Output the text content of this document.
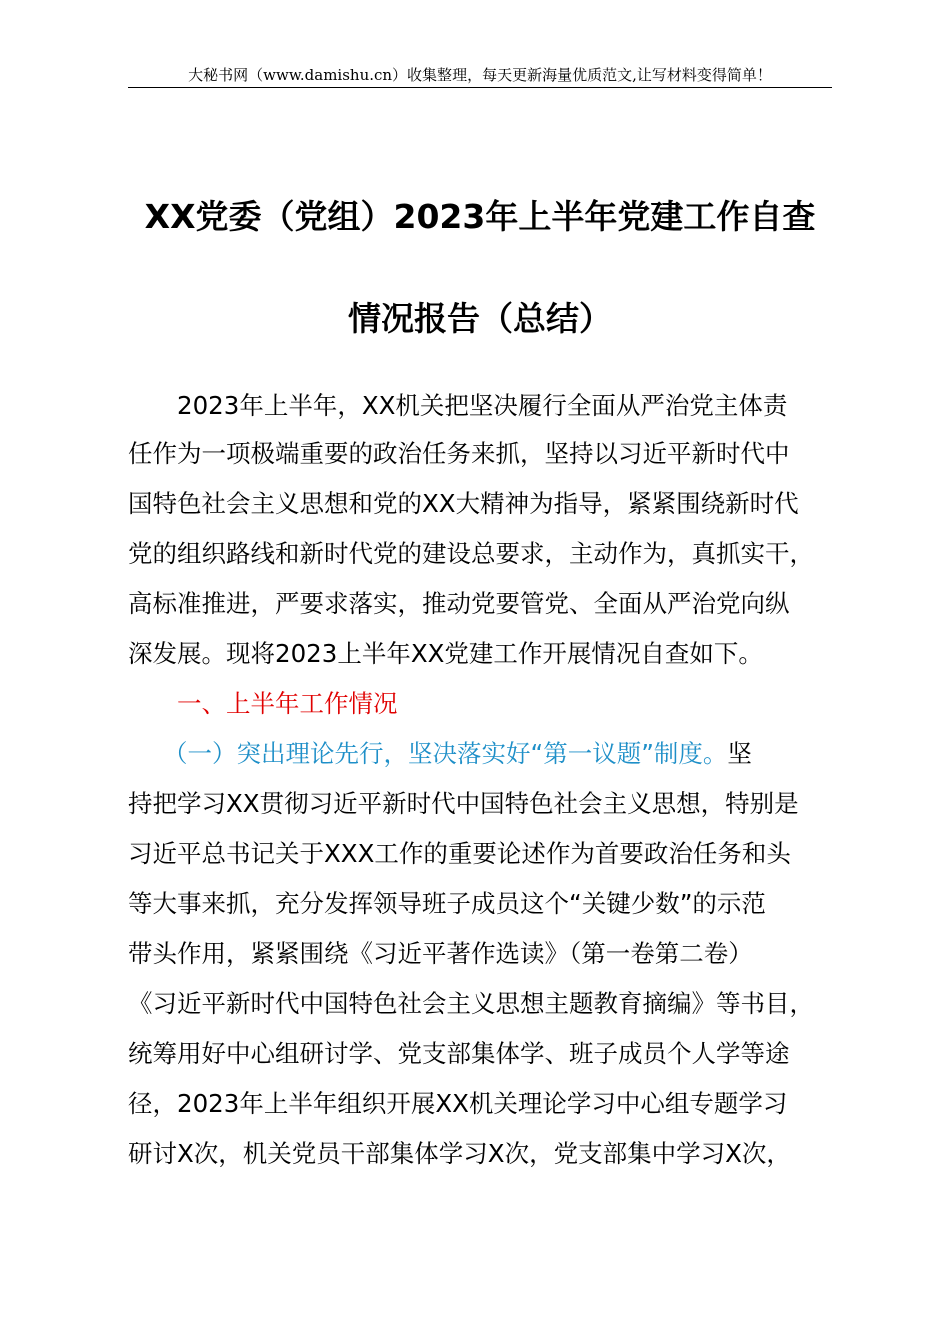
大秘书网（www.damishu.cn）收集整理，每天更新海量优质范文,让写材料变得简单！
XX党委（党组）2023年上半年党建工作自查
情况报告（总结）
2023年上半年，XX机关把坚决履行全面从严治党主体责
任作为一项极端重要的政治任务来抓，坚持以习近平新时代中
国特色社会主义思想和党的XX大精神为指导，紧紧围绕新时代
党的组织路线和新时代党的建设总要求，主动作为，真抓实干，
高标准推进，严要求落实，推动党要管党、全面从严治党向纵
深发展。现将2023上半年XX党建工作开展情况自查如下。
一、上半年工作情况
（一）突出理论先行，坚决落实好“第一议题”制度。坚
持把学习XX贯彻习近平新时代中国特色社会主义思想，特别是
习近平总书记关于XXX工作的重要论述作为首要政治任务和头
等大事来抓，充分发挥领导班子成员这个“关键少数”的示范
带头作用，紧紧围绕《习近平著作选读》（第一卷第二卷）
《习近平新时代中国特色社会主义思想主题教育摘编》等书目，
统筹用好中心组研讨学、党支部集体学、班子成员个人学等途
径，2023年上半年组织开展XX机关理论学习中心组专题学习
研讨X次，机关党员干部集体学习X次，党支部集中学习X次，
